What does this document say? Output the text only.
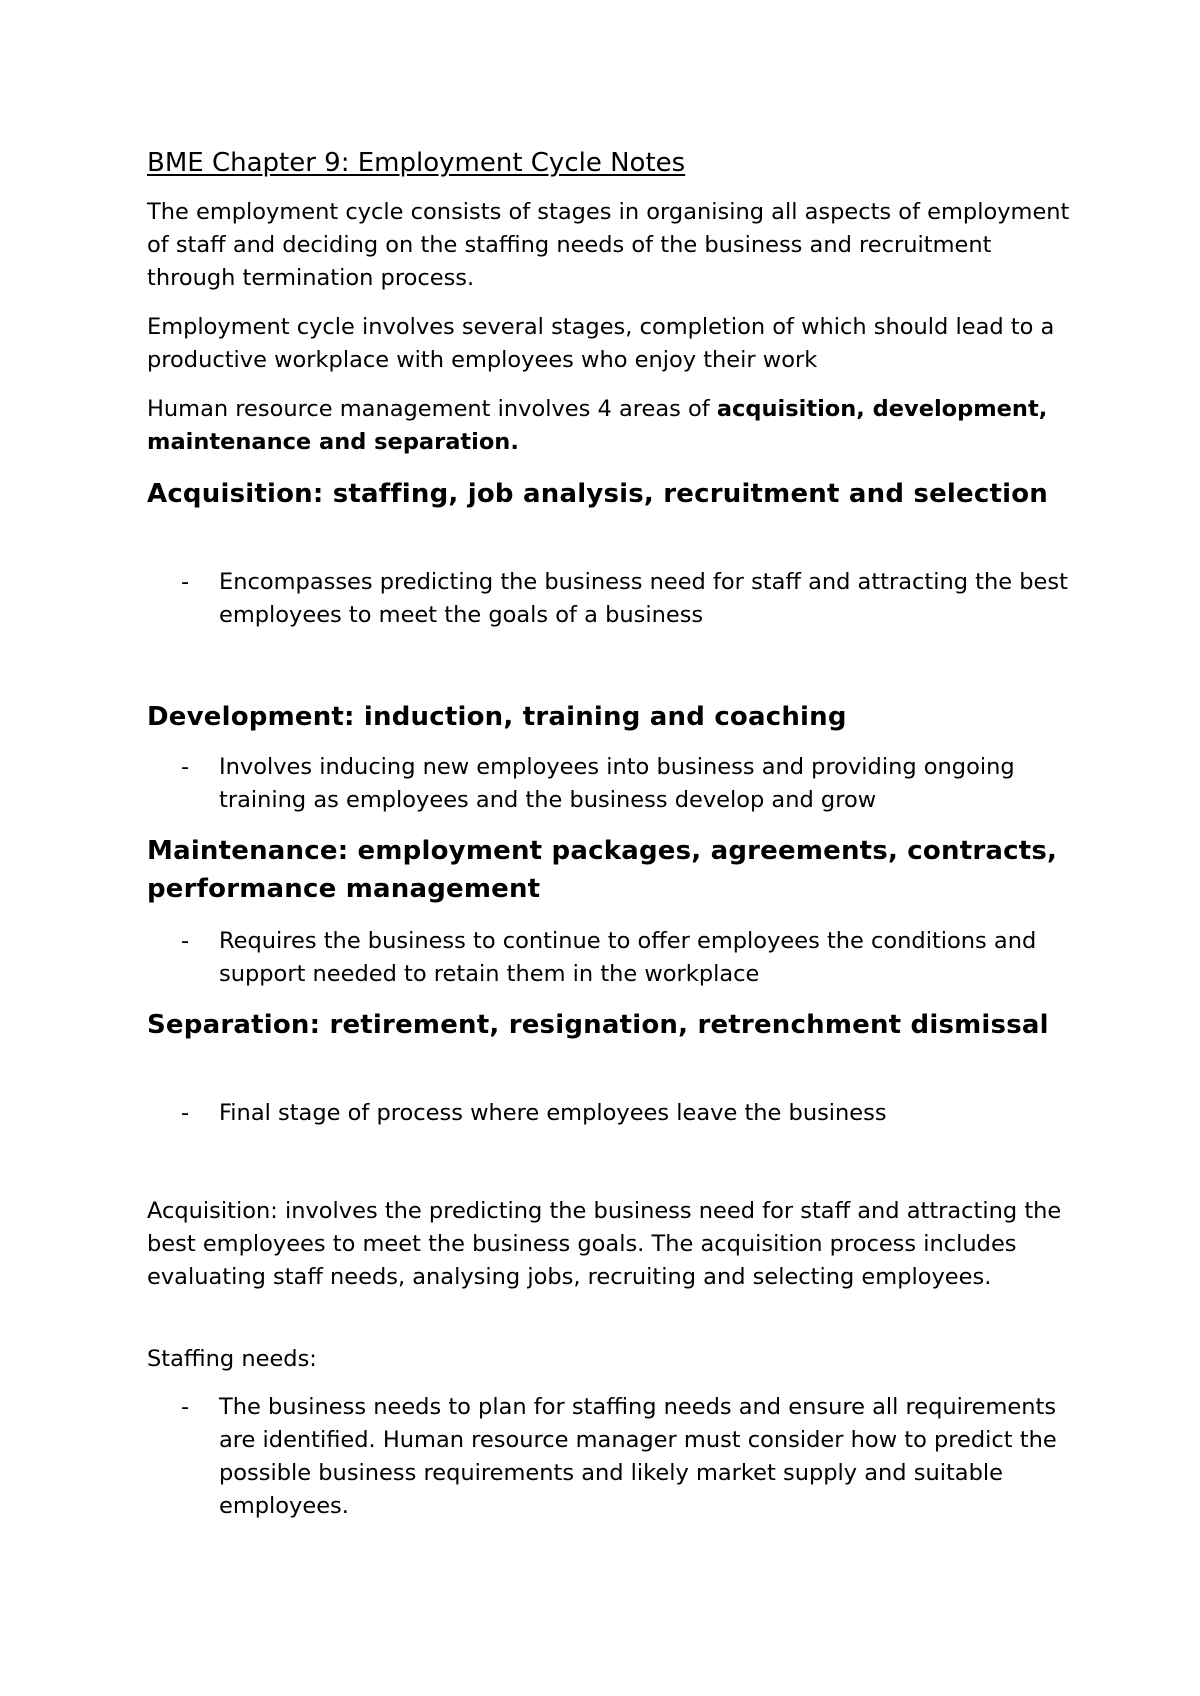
BME Chapter 9: Employment Cycle Notes

The employment cycle consists of stages in organising all aspects of employment of staff and deciding on the staffing needs of the business and recruitment through termination process.

Employment cycle involves several stages, completion of which should lead to a productive workplace with employees who enjoy their work

Human resource management involves 4 areas of acquisition, development, maintenance and separation.

Acquisition: staffing, job analysis, recruitment and selection
- Encompasses predicting the business need for staff and attracting the best employees to meet the goals of a business
Development: induction, training and coaching
- Involves inducing new employees into business and providing ongoing training as employees and the business develop and grow
Maintenance: employment packages, agreements, contracts, performance management
- Requires the business to continue to offer employees the conditions and support needed to retain them in the workplace
Separation: retirement, resignation, retrenchment dismissal
- Final stage of process where employees leave the business

Acquisition: involves the predicting the business need for staff and attracting the best employees to meet the business goals. The acquisition process includes evaluating staff needs, analysing jobs, recruiting and selecting employees.

Staffing needs:

- The business needs to plan for staffing needs and ensure all requirements are identified. Human resource manager must consider how to predict the possible business requirements and likely market supply and suitable employees.
